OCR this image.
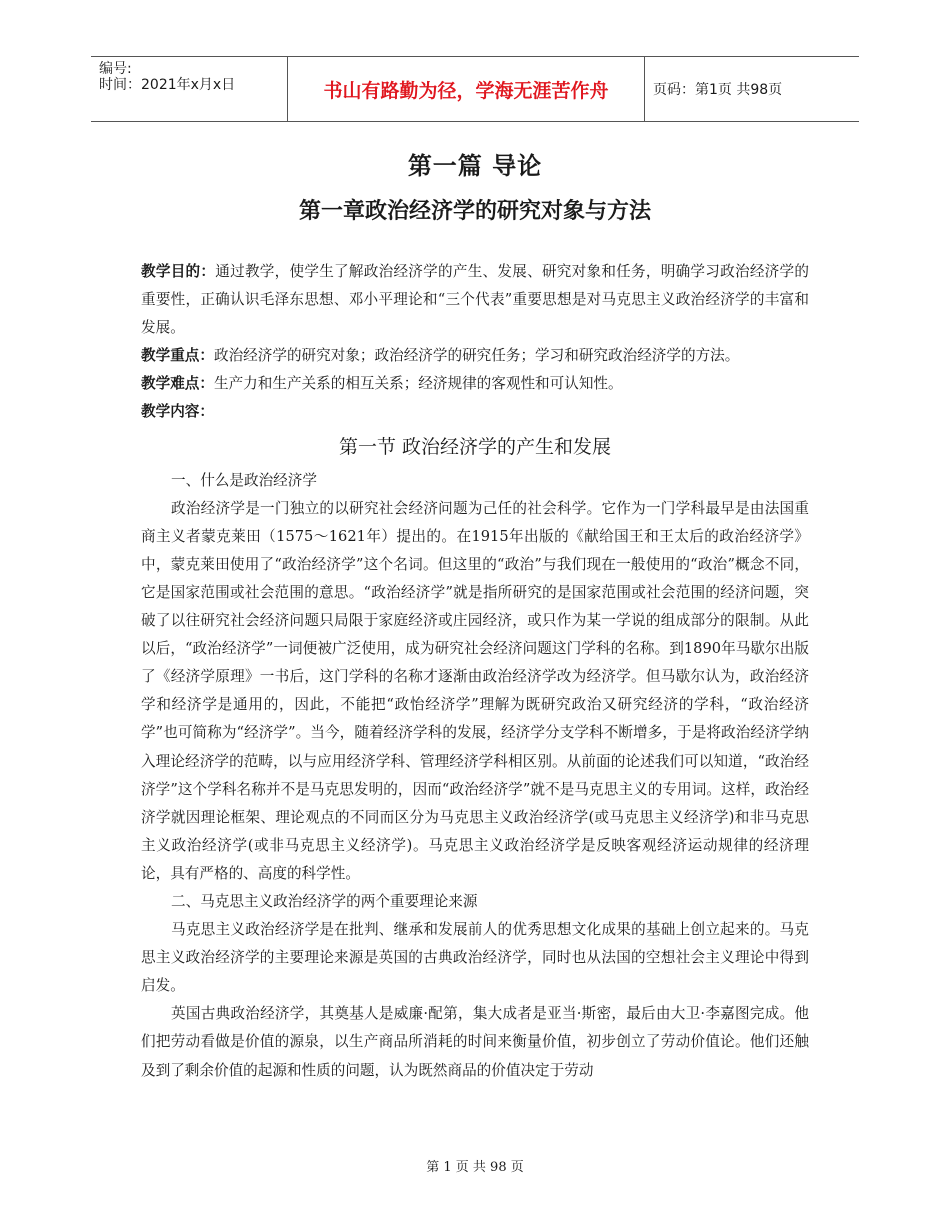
编号:
时间：2021年x月x日	书山有路勤为径，学海无涯苦作舟	页码：第1页 共98页
第一篇 导论
第一章政治经济学的研究对象与方法

教学目的：通过教学，使学生了解政治经济学的产生、发展、研究对象和任务，明确学习政治经济学的重要性，正确认识毛泽东思想、邓小平理论和“三个代表”重要思想是对马克思主义政治经济学的丰富和发展。

教学重点：政治经济学的研究对象；政治经济学的研究任务；学习和研究政治经济学的方法。

教学难点：生产力和生产关系的相互关系；经济规律的客观性和可认知性。

教学内容：

第一节 政治经济学的产生和发展

一、什么是政治经济学

政治经济学是一门独立的以研究社会经济问题为己任的社会科学。它作为一门学科最早是由法国重商主义者蒙克莱田（1575～1621年）提出的。在1915年出版的《献给国王和王太后的政治经济学》中，蒙克莱田使用了“政治经济学”这个名词。但这里的“政治”与我们现在一般使用的“政治”概念不同，它是国家范围或社会范围的意思。“政治经济学”就是指所研究的是国家范围或社会范围的经济问题，突破了以往研究社会经济问题只局限于家庭经济或庄园经济，或只作为某一学说的组成部分的限制。从此以后，“政治经济学”一词便被广泛使用，成为研究社会经济问题这门学科的名称。到1890年马歇尔出版了《经济学原理》一书后，这门学科的名称才逐渐由政治经济学改为经济学。但马歇尔认为，政治经济学和经济学是通用的，因此，不能把“政怡经济学”理解为既研究政治又研究经济的学科，“政治经济学”也可简称为“经济学”。当今，随着经济学科的发展，经济学分支学科不断增多，于是将政治经济学纳入理论经济学的范畴，以与应用经济学科、管理经济学科相区别。从前面的论述我们可以知道，“政治经济学”这个学科名称并不是马克思发明的，因而“政治经济学”就不是马克思主义的专用词。这样，政治经济学就因理论框架、理论观点的不同而区分为马克思主义政治经济学(或马克思主义经济学)和非马克思主义政治经济学(或非马克思主义经济学)。马克思主义政治经济学是反映客观经济运动规律的经济理论，具有严格的、高度的科学性。

二、马克思主义政治经济学的两个重要理论来源

马克思主义政治经济学是在批判、继承和发展前人的优秀思想文化成果的基础上创立起来的。马克思主义政治经济学的主要理论来源是英国的古典政治经济学，同时也从法国的空想社会主义理论中得到启发。

英国古典政治经济学，其奠基人是威廉·配第，集大成者是亚当·斯密，最后由大卫·李嘉图完成。他们把劳动看做是价值的源泉，以生产商品所消耗的时间来衡量价值，初步创立了劳动价值论。他们还触及到了剩余价值的起源和性质的问题，认为既然商品的价值决定于劳动

第 1 页 共 98 页
